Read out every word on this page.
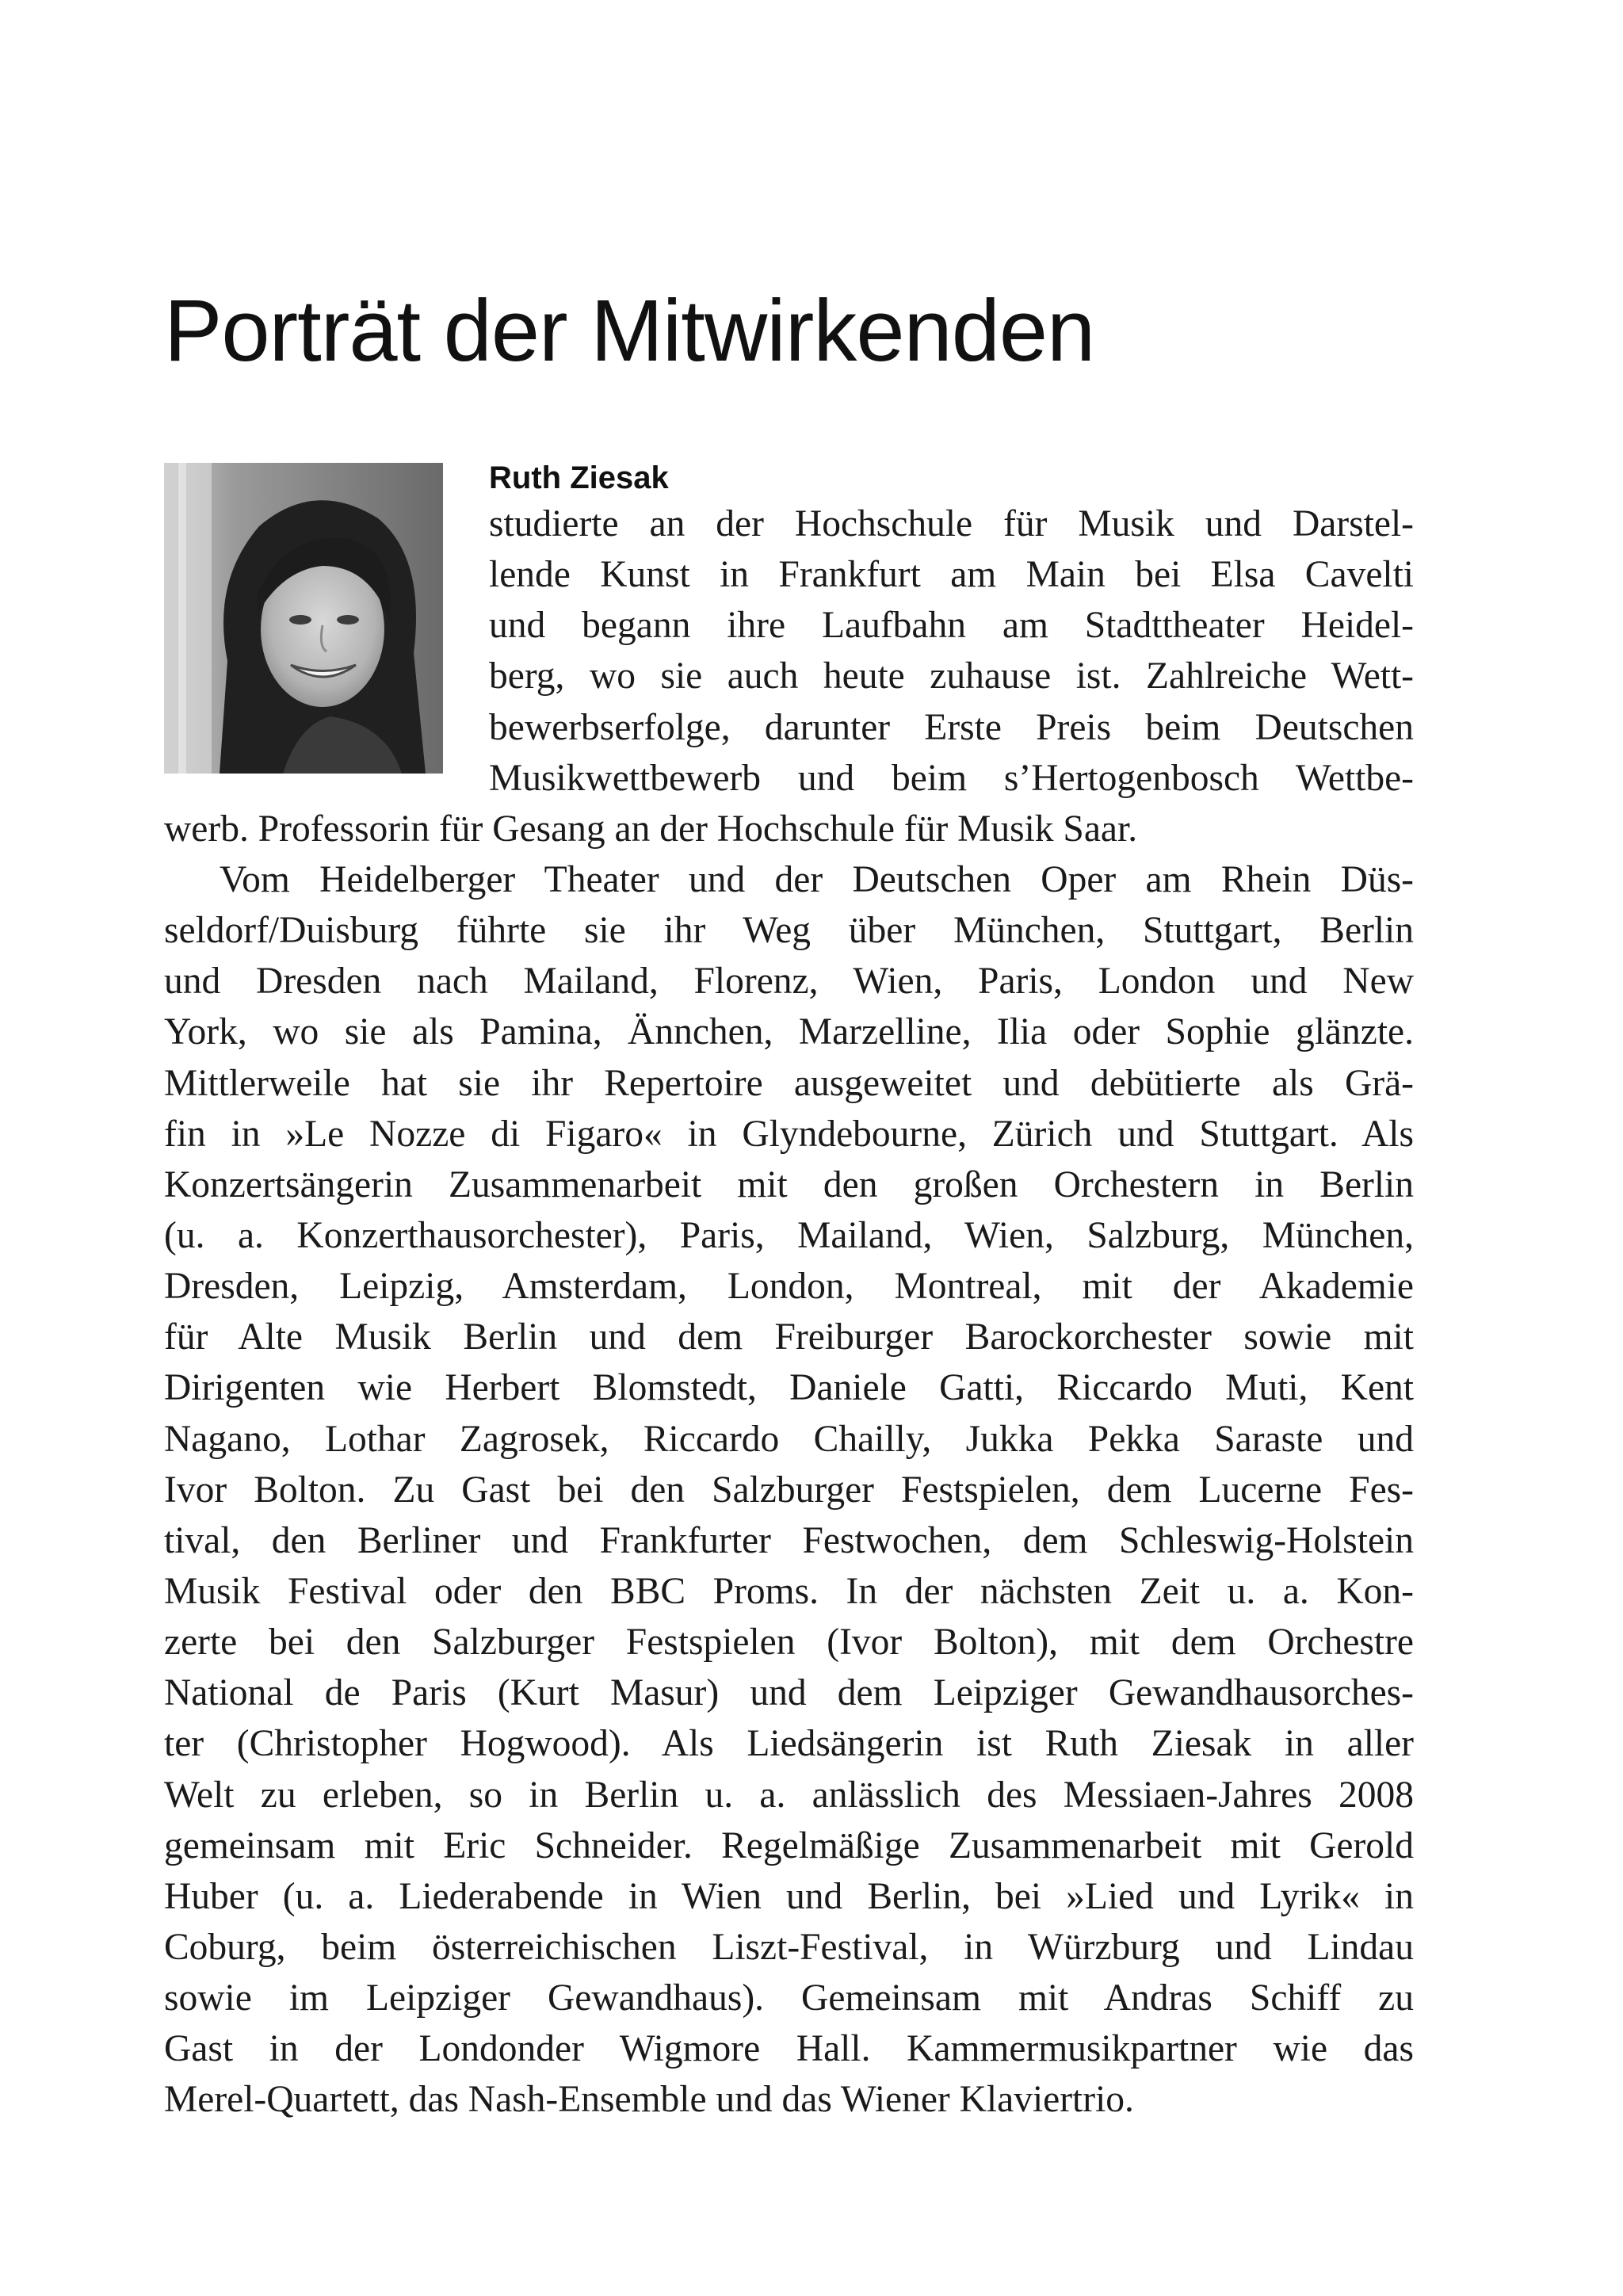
Porträt der Mitwirkenden
Ruth Ziesak
studierte an der Hochschule für Musik und Darstel-
lende Kunst in Frankfurt am Main bei Elsa Cavelti
und begann ihre Laufbahn am Stadttheater Heidel-
berg, wo sie auch heute zuhause ist. Zahlreiche Wett-
bewerbserfolge, darunter Erste Preis beim Deutschen
Musikwettbewerb und beim s’Hertogenbosch Wettbe-
werb. Professorin für Gesang an der Hochschule für Musik Saar.
Vom Heidelberger Theater und der Deutschen Oper am Rhein Düs-
seldorf/Duisburg führte sie ihr Weg über München, Stuttgart, Berlin
und Dresden nach Mailand, Florenz, Wien, Paris, London und New
York, wo sie als Pamina, Ännchen, Marzelline, Ilia oder Sophie glänzte.
Mittlerweile hat sie ihr Repertoire ausgeweitet und debütierte als Grä-
fin in »Le Nozze di Figaro« in Glyndebourne, Zürich und Stuttgart. Als
Konzertsängerin Zusammenarbeit mit den großen Orchestern in Berlin
(u. a. Konzerthausorchester), Paris, Mailand, Wien, Salzburg, München,
Dresden, Leipzig, Amsterdam, London, Montreal, mit der Akademie
für Alte Musik Berlin und dem Freiburger Barockorchester sowie mit
Dirigenten wie Herbert Blomstedt, Daniele Gatti, Riccardo Muti, Kent
Nagano, Lothar Zagrosek, Riccardo Chailly, Jukka Pekka Saraste und
Ivor Bolton. Zu Gast bei den Salzburger Festspielen, dem Lucerne Fes-
tival, den Berliner und Frankfurter Festwochen, dem Schleswig-Holstein
Musik Festival oder den BBC Proms. In der nächsten Zeit u. a. Kon-
zerte bei den Salzburger Festspielen (Ivor Bolton), mit dem Orchestre
National de Paris (Kurt Masur) und dem Leipziger Gewandhausorches-
ter (Christopher Hogwood). Als Liedsängerin ist Ruth Ziesak in aller
Welt zu erleben, so in Berlin u. a. anlässlich des Messiaen-Jahres 2008
gemeinsam mit Eric Schneider. Regelmäßige Zusammenarbeit mit Gerold
Huber (u. a. Liederabende in Wien und Berlin, bei »Lied und Lyrik« in
Coburg, beim österreichischen Liszt-Festival, in Würzburg und Lindau
sowie im Leipziger Gewandhaus). Gemeinsam mit Andras Schiff zu
Gast in der Londonder Wigmore Hall. Kammermusikpartner wie das
Merel-Quartett, das Nash-Ensemble und das Wiener Klaviertrio.
